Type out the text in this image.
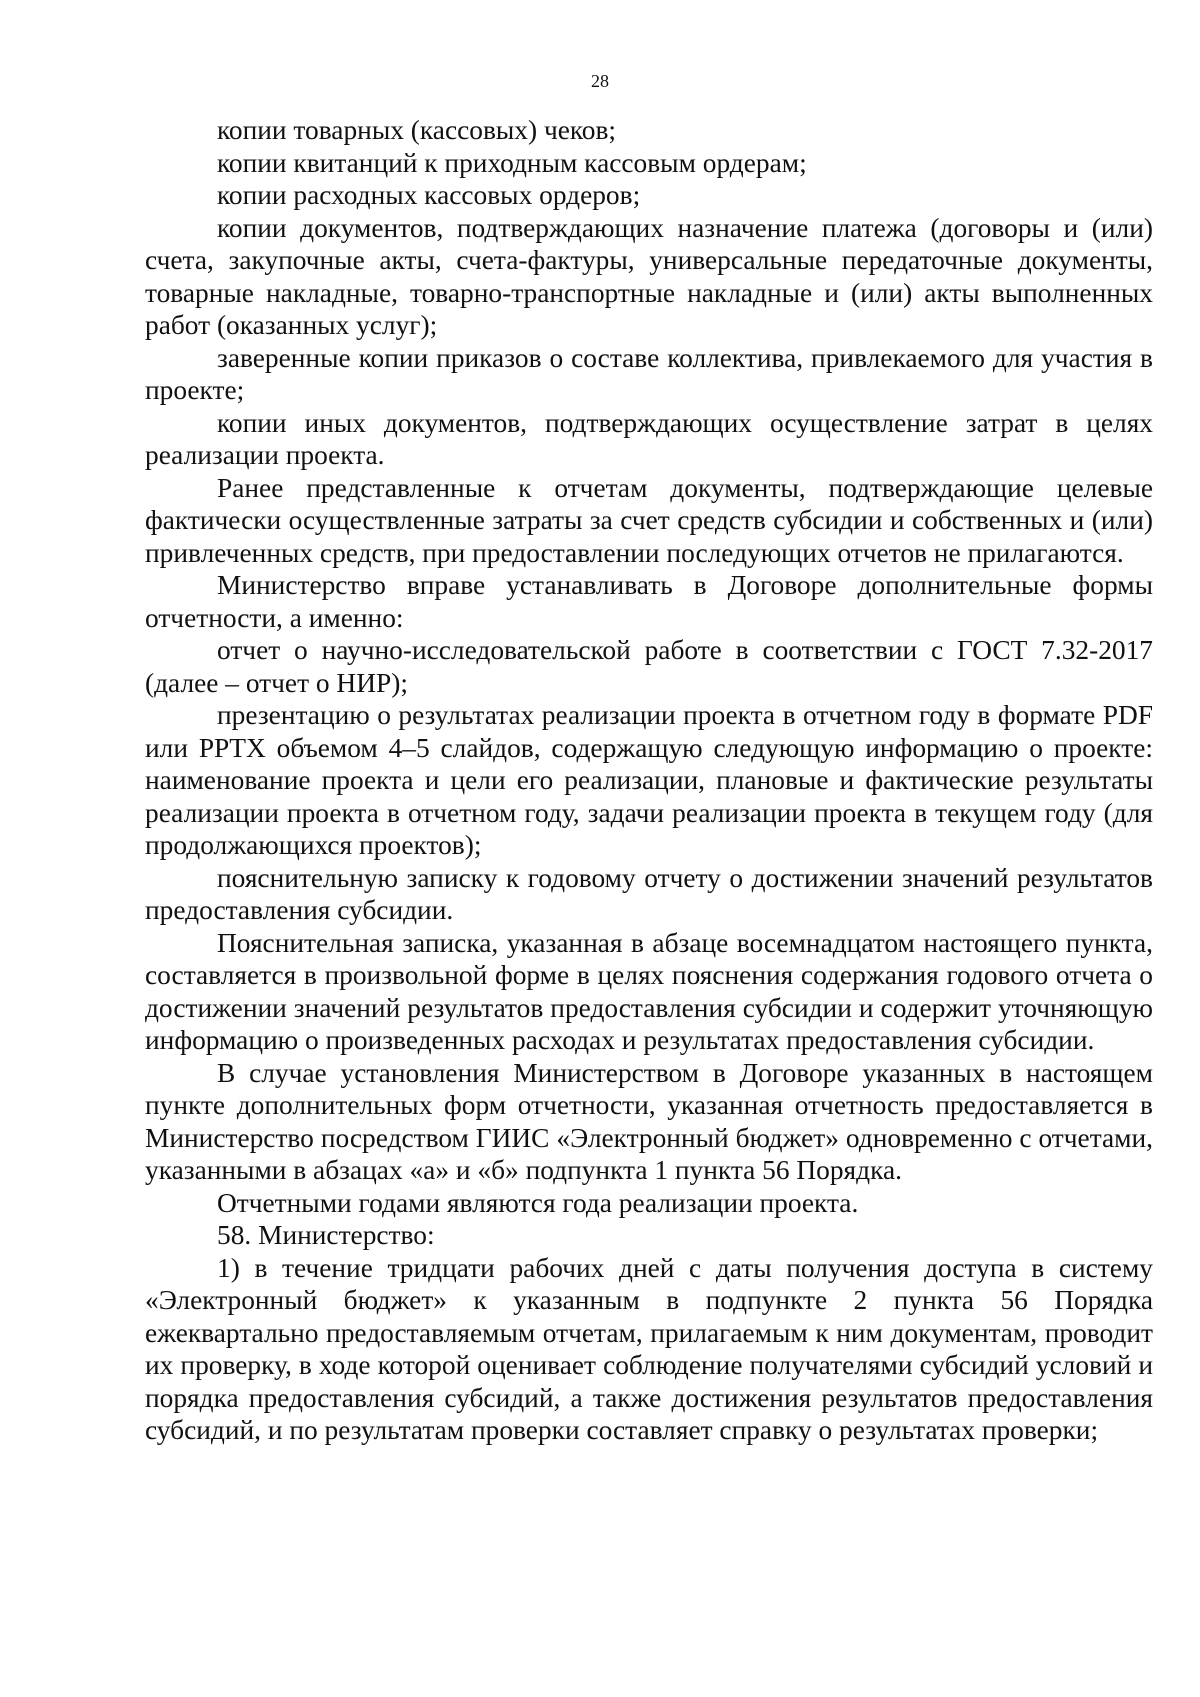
28

копии товарных (кассовых) чеков;

копии квитанций к приходным кассовым ордерам;

копии расходных кассовых ордеров;

копии документов, подтверждающих назначение платежа (договоры и (или) счета, закупочные акты, счета-фактуры, универсальные передаточные документы, товарные накладные, товарно-транспортные накладные и (или) акты выполненных работ (оказанных услуг);

заверенные копии приказов о составе коллектива, привлекаемого для участия в проекте;

копии иных документов, подтверждающих осуществление затрат в целях реализации проекта.

Ранее представленные к отчетам документы, подтверждающие целевые фактически осуществленные затраты за счет средств субсидии и собственных и (или) привлеченных средств, при предоставлении последующих отчетов не прилагаются.

Министерство вправе устанавливать в Договоре дополнительные формы отчетности, а именно:

отчет о научно-исследовательской работе в соответствии с ГОСТ 7.32-2017 (далее – отчет о НИР);

презентацию о результатах реализации проекта в отчетном году в формате PDF или PPTX объемом 4–5 слайдов, содержащую следующую информацию о проекте: наименование проекта и цели его реализации, плановые и фактические результаты реализации проекта в отчетном году, задачи реализации проекта в текущем году (для продолжающихся проектов);

пояснительную записку к годовому отчету о достижении значений результатов предоставления субсидии.

Пояснительная записка, указанная в абзаце восемнадцатом настоящего пункта, составляется в произвольной форме в целях пояснения содержания годового отчета о достижении значений результатов предоставления субсидии и содержит уточняющую информацию о произведенных расходах и результатах предоставления субсидии.

В случае установления Министерством в Договоре указанных в настоящем пункте дополнительных форм отчетности, указанная отчетность предоставляется в Министерство посредством ГИИС «Электронный бюджет» одновременно с отчетами, указанными в абзацах «а» и «б» подпункта 1 пункта 56 Порядка.

Отчетными годами являются года реализации проекта.

58. Министерство:

1) в течение тридцати рабочих дней с даты получения доступа в систему «Электронный бюджет» к указанным в подпункте 2 пункта 56 Порядка ежеквартально предоставляемым отчетам, прилагаемым к ним документам, проводит их проверку, в ходе которой оценивает соблюдение получателями субсидий условий и порядка предоставления субсидий, а также достижения результатов предоставления субсидий, и по результатам проверки составляет справку о результатах проверки;
